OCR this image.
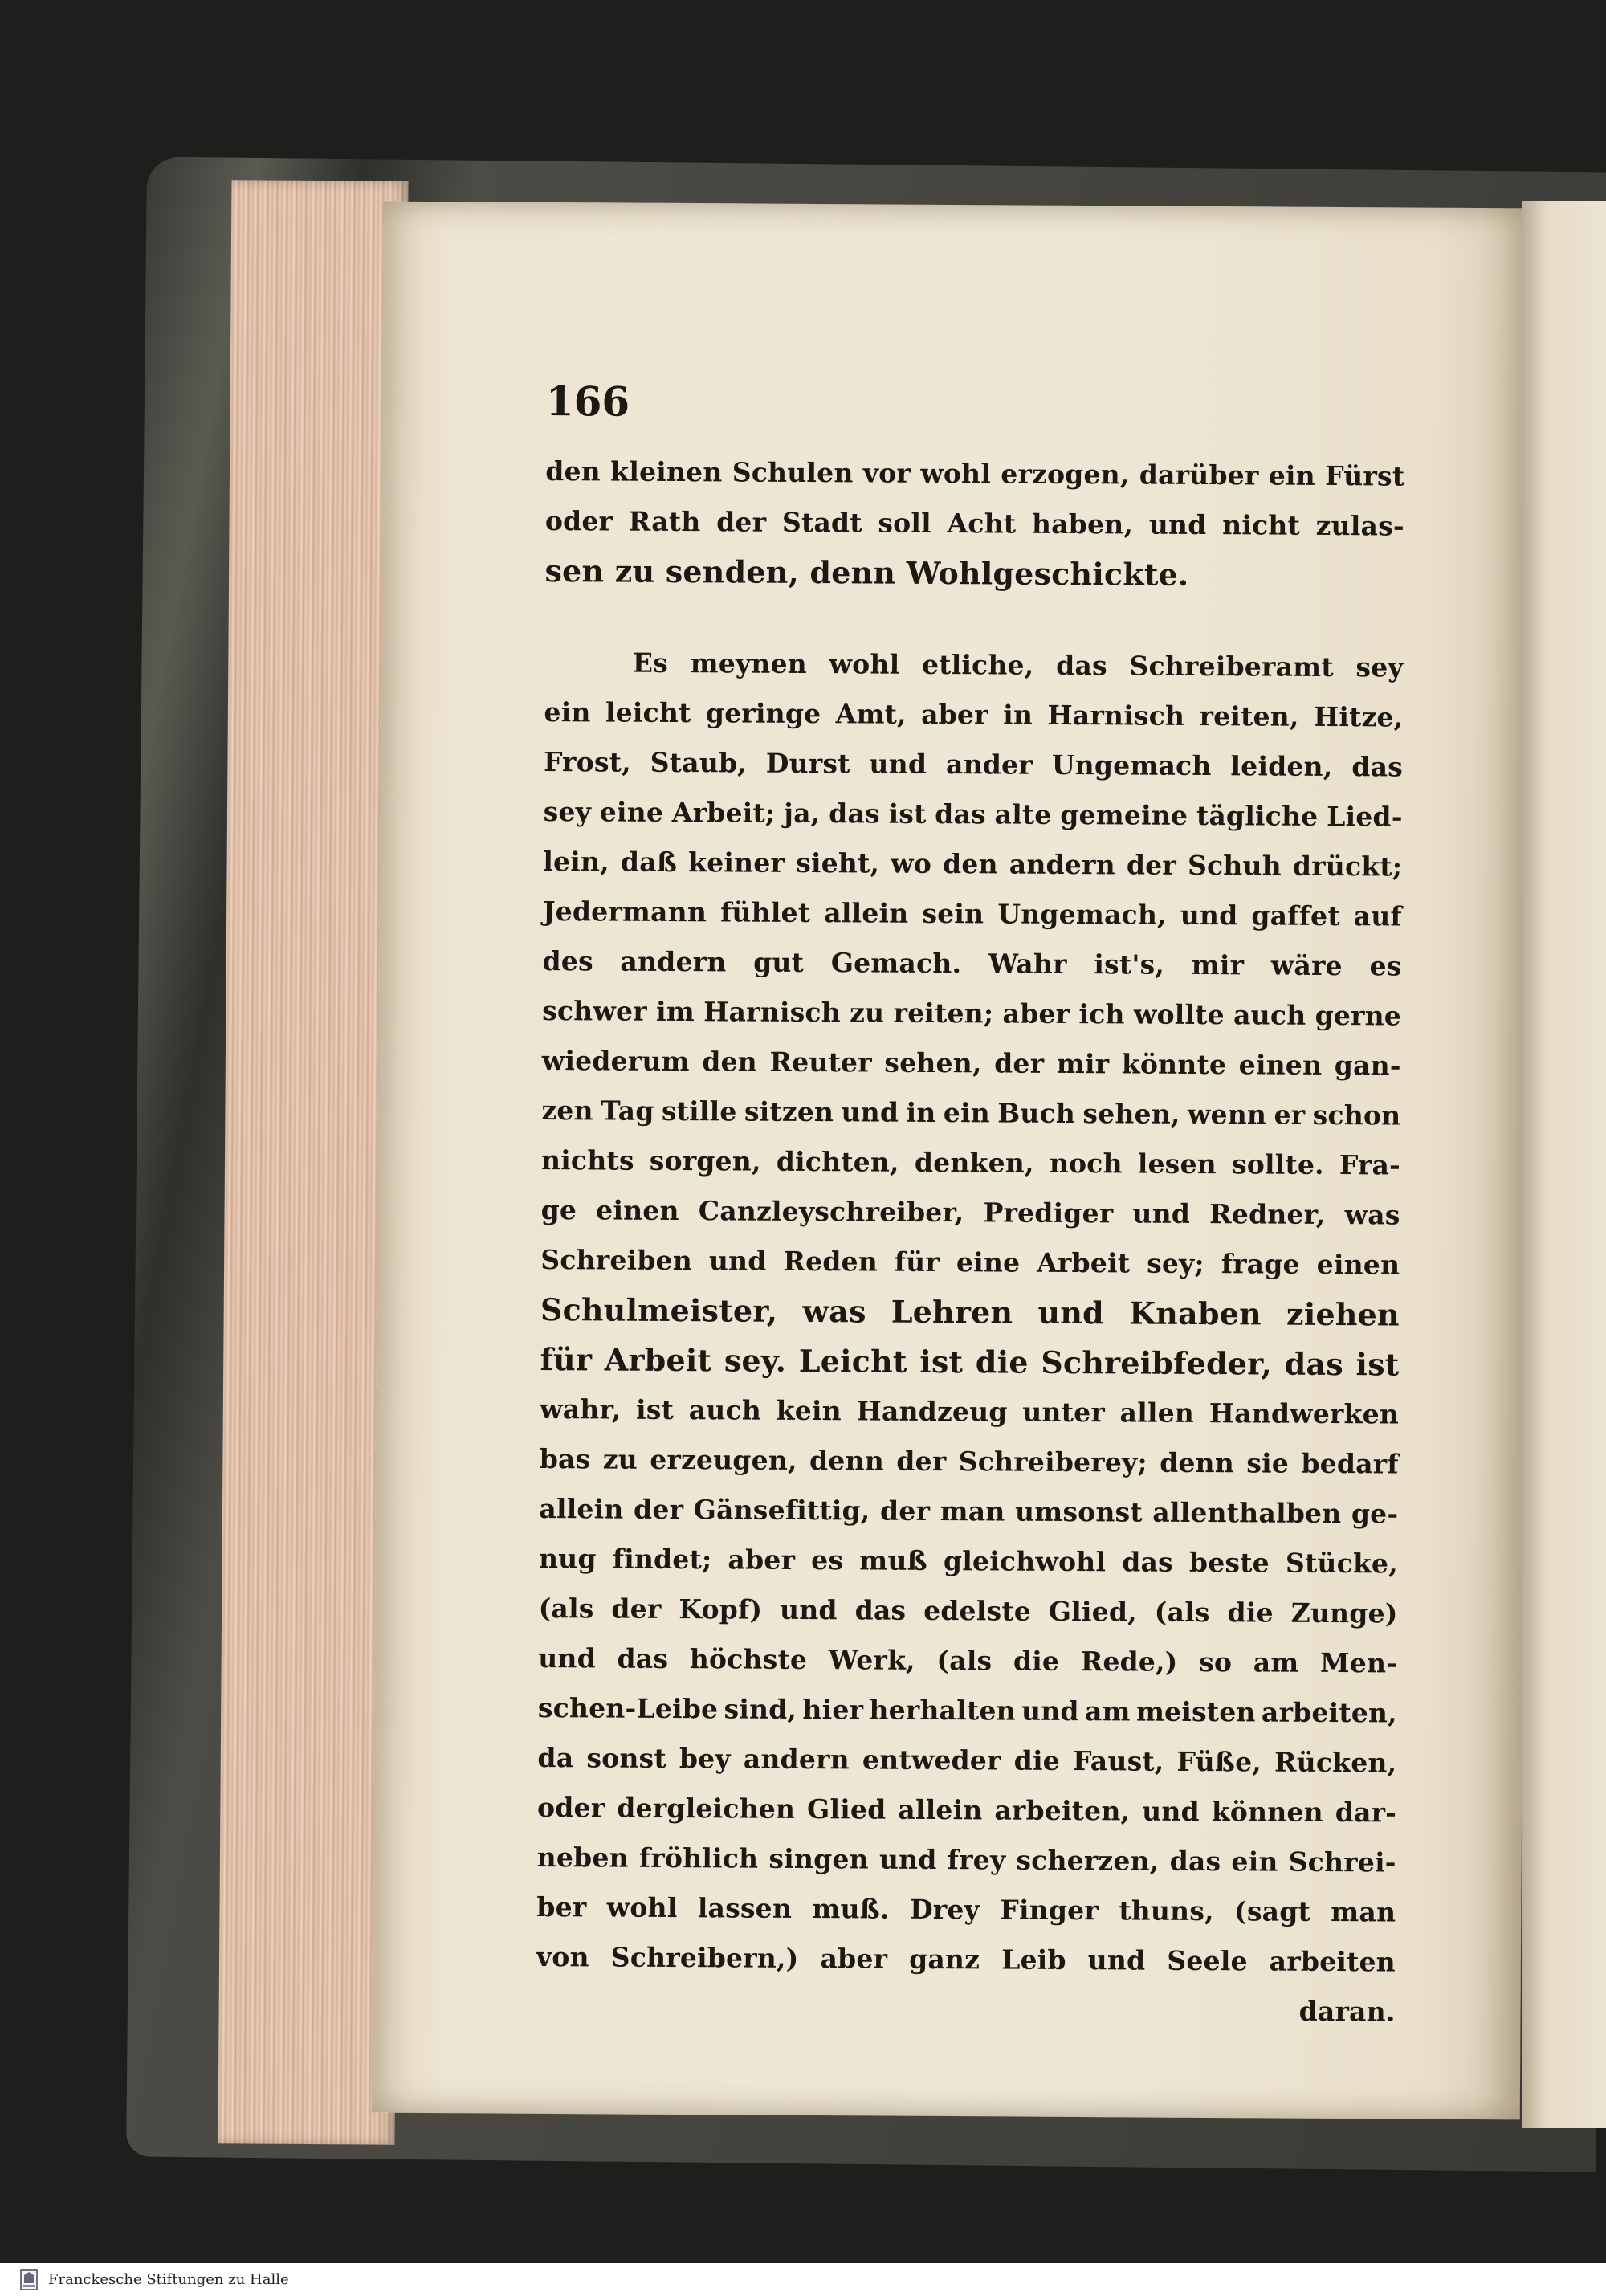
166
den kleinen Schulen vor wohl erzogen, darüber ein Fürst
oder Rath der Stadt soll Acht haben, und nicht zulas-
sen zu senden, denn Wohlgeschickte.
Es meynen wohl etliche, das Schreiberamt sey
ein leicht geringe Amt, aber in Harnisch reiten, Hitze,
Frost, Staub, Durst und ander Ungemach leiden, das
sey eine Arbeit; ja, das ist das alte gemeine tägliche Lied-
lein, daß keiner sieht, wo den andern der Schuh drückt;
Jedermann fühlet allein sein Ungemach, und gaffet auf
des andern gut Gemach. Wahr ist's, mir wäre es
schwer im Harnisch zu reiten; aber ich wollte auch gerne
wiederum den Reuter sehen, der mir könnte einen gan-
zen Tag stille sitzen und in ein Buch sehen, wenn er schon
nichts sorgen, dichten, denken, noch lesen sollte. Fra-
ge einen Canzleyschreiber, Prediger und Redner, was
Schreiben und Reden für eine Arbeit sey; frage einen
Schulmeister, was Lehren und Knaben ziehen
für Arbeit sey. Leicht ist die Schreibfeder, das ist
wahr, ist auch kein Handzeug unter allen Handwerken
bas zu erzeugen, denn der Schreiberey; denn sie bedarf
allein der Gänsefittig, der man umsonst allenthalben ge-
nug findet; aber es muß gleichwohl das beste Stücke,
(als der Kopf) und das edelste Glied, (als die Zunge)
und das höchste Werk, (als die Rede,) so am Men-
schen-Leibe sind, hier herhalten und am meisten arbeiten,
da sonst bey andern entweder die Faust, Füße, Rücken,
oder dergleichen Glied allein arbeiten, und können dar-
neben fröhlich singen und frey scherzen, das ein Schrei-
ber wohl lassen muß. Drey Finger thuns, (sagt man
von Schreibern,) aber ganz Leib und Seele arbeiten
daran.
Franckesche Stiftungen zu Halle
